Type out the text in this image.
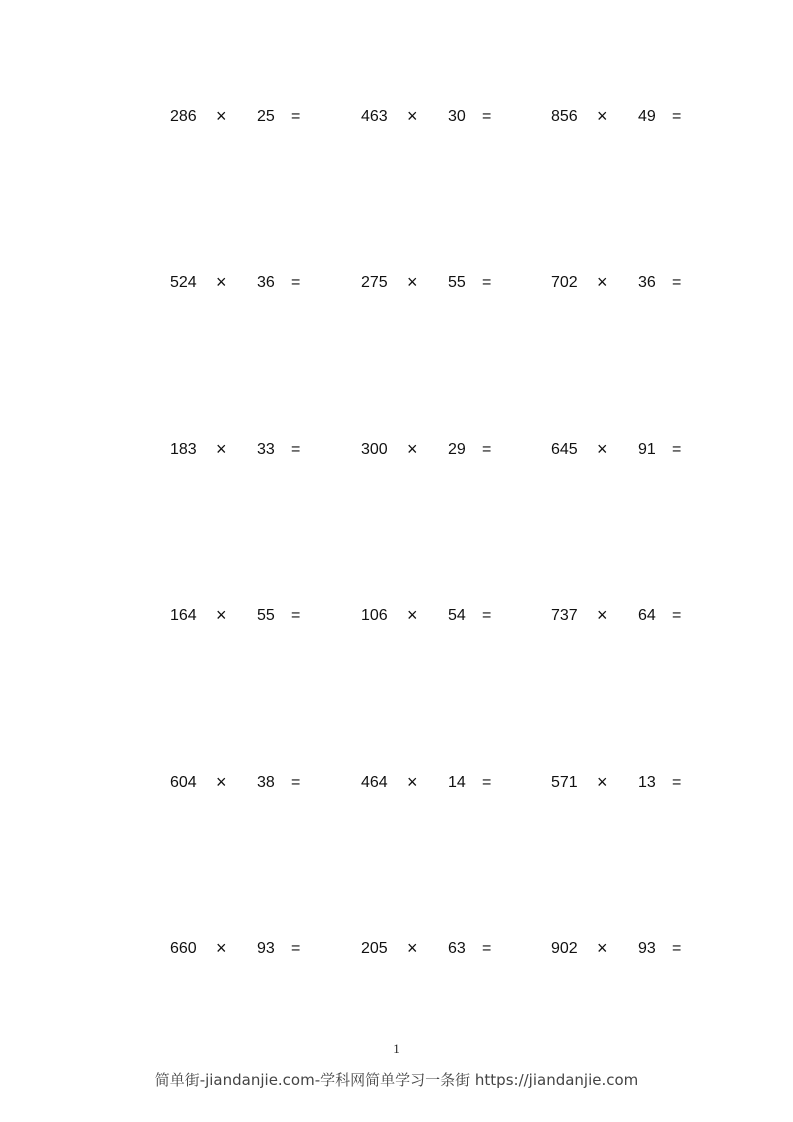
286 × 25 =	463 × 30 =	856 × 49 =
524 × 36 =	275 × 55 =	702 × 36 =
183 × 33 =	300 × 29 =	645 × 91 =
164 × 55 =	106 × 54 =	737 × 64 =
604 × 38 =	464 × 14 =	571 × 13 =
660 × 93 =	205 × 63 =	902 × 93 =
1
简单街-jiandanjie.com-学科网简单学习一条街 https://jiandanjie.com
